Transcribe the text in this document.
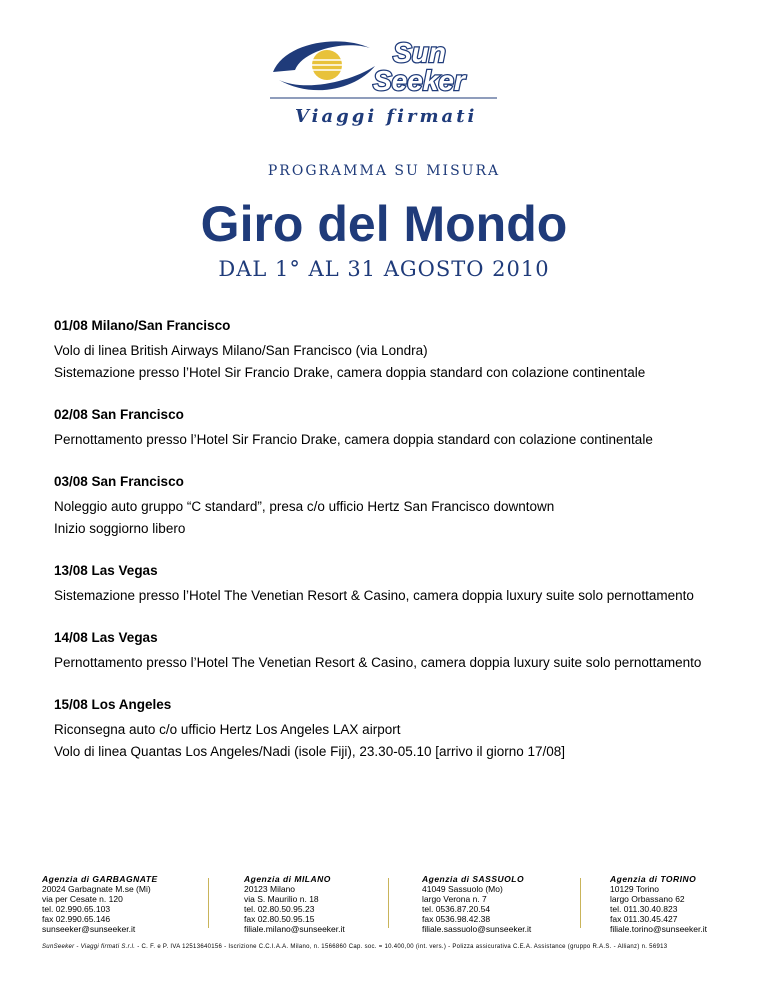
Sun
Seeker
Viaggi firmati
PROGRAMMA SU MISURA
Giro del Mondo
DAL 1° AL 31 AGOSTO 2010
01/08 Milano/San Francisco
Volo di linea British Airways Milano/San Francisco (via Londra)
Sistemazione presso l’Hotel Sir Francio Drake, camera doppia standard con colazione continentale
02/08 San Francisco
Pernottamento presso l’Hotel Sir Francio Drake, camera doppia standard con colazione continentale
03/08 San Francisco
Noleggio auto gruppo “C standard”, presa c/o ufficio Hertz San Francisco downtown
Inizio soggiorno libero
13/08 Las Vegas
Sistemazione presso l’Hotel The Venetian Resort & Casino, camera doppia luxury suite solo pernottamento
14/08 Las Vegas
Pernottamento presso l’Hotel The Venetian Resort & Casino, camera doppia luxury suite solo pernottamento
15/08 Los Angeles
Riconsegna auto c/o ufficio Hertz Los Angeles LAX airport
Volo di linea Quantas Los Angeles/Nadi (isole Fiji), 23.30-05.10 [arrivo il giorno 17/08]
Agenzia di GARBAGNATE
20024 Garbagnate M.se (Mi)
via per Cesate n. 120
tel. 02.990.65.103
fax 02.990.65.146
sunseeker@sunseeker.it
Agenzia di MILANO
20123 Milano
via S. Maurilio n. 18
tel. 02.80.50.95.23
fax 02.80.50.95.15
filiale.milano@sunseeker.it
Agenzia di SASSUOLO
41049 Sassuolo (Mo)
largo Verona n. 7
tel. 0536.87.20.54
fax 0536.98.42.38
filiale.sassuolo@sunseeker.it
Agenzia di TORINO
10129 Torino
largo Orbassano 62
tel. 011.30.40.823
fax 011.30.45.427
filiale.torino@sunseeker.it
SunSeeker - Viaggi firmati S.r.l. - C. F. e P. IVA 12513640156 - Iscrizione C.C.I.A.A. Milano, n. 1566860 Cap. soc. = 10.400,00 (int. vers.) - Polizza assicurativa C.E.A. Assistance (gruppo R.A.S. - Allianz) n. 56913
